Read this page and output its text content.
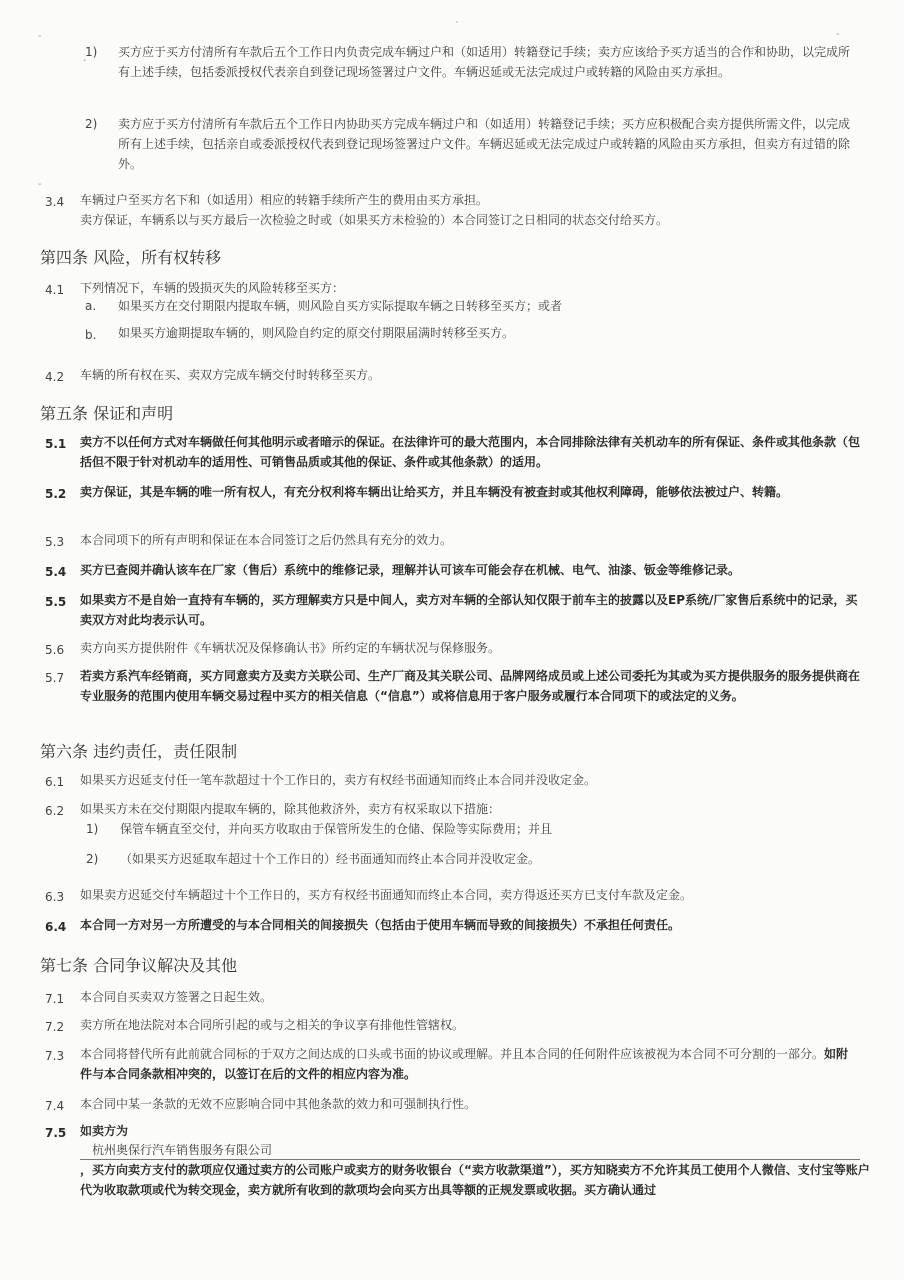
-
¸
`
-
-
1) 买方应于买方付清所有车款后五个工作日内负责完成车辆过户和（如适用）转籍登记手续；卖方应该给予买方适当的合作和协助，以完成所有上述手续，包括委派授权代表亲自到登记现场签署过户文件。车辆迟延或无法完成过户或转籍的风险由买方承担。
2) 卖方应于买方付清所有车款后五个工作日内协助买方完成车辆过户和（如适用）转籍登记手续；买方应积极配合卖方提供所需文件，以完成所有上述手续，包括亲自或委派授权代表到登记现场签署过户文件。车辆迟延或无法完成过户或转籍的风险由买方承担，但卖方有过错的除外。
3.4 车辆过户至买方名下和（如适用）相应的转籍手续所产生的费用由买方承担。
卖方保证，车辆系以与买方最后一次检验之时或（如果买方未检验的）本合同签订之日相同的状态交付给买方。
第四条 风险，所有权转移
4.1 下列情况下，车辆的毁损灭失的风险转移至买方：
a. 如果买方在交付期限内提取车辆，则风险自买方实际提取车辆之日转移至买方；或者
b. 如果买方逾期提取车辆的，则风险自约定的原交付期限届满时转移至买方。
4.2 车辆的所有权在买、卖双方完成车辆交付时转移至买方。
第五条 保证和声明
5.1 卖方不以任何方式对车辆做任何其他明示或者暗示的保证。在法律许可的最大范围内，本合同排除法律有关机动车的所有保证、条件或其他条款（包括但不限于针对机动车的适用性、可销售品质或其他的保证、条件或其他条款）的适用。
5.2 卖方保证，其是车辆的唯一所有权人，有充分权利将车辆出让给买方，并且车辆没有被查封或其他权利障碍，能够依法被过户、转籍。
5.3 本合同项下的所有声明和保证在本合同签订之后仍然具有充分的效力。
5.4 买方已查阅并确认该车在厂家（售后）系统中的维修记录，理解并认可该车可能会存在机械、电气、油漆、钣金等维修记录。
5.5 如果卖方不是自始一直持有车辆的，买方理解卖方只是中间人，卖方对车辆的全部认知仅限于前车主的披露以及EP系统/厂家售后系统中的记录，买卖双方对此均表示认可。
5.6 卖方向买方提供附件《车辆状况及保修确认书》所约定的车辆状况与保修服务。
5.7 若卖方系汽车经销商，买方同意卖方及卖方关联公司、生产厂商及其关联公司、品牌网络成员或上述公司委托为其或为买方提供服务的服务提供商在专业服务的范围内使用车辆交易过程中买方的相关信息（“信息”）或将信息用于客户服务或履行本合同项下的或法定的义务。
第六条 违约责任，责任限制
6.1 如果买方迟延支付任一笔车款超过十个工作日的，卖方有权经书面通知而终止本合同并没收定金。
6.2 如果买方未在交付期限内提取车辆的，除其他救济外，卖方有权采取以下措施：
1) 保管车辆直至交付，并向买方收取由于保管所发生的仓储、保险等实际费用；并且
2) （如果买方迟延取车超过十个工作日的）经书面通知而终止本合同并没收定金。
6.3 如果卖方迟延交付车辆超过十个工作日的，买方有权经书面通知而终止本合同，卖方得返还买方已支付车款及定金。
6.4 本合同一方对另一方所遭受的与本合同相关的间接损失（包括由于使用车辆而导致的间接损失）不承担任何责任。
第七条 合同争议解决及其他
7.1 本合同自买卖双方签署之日起生效。
7.2 卖方所在地法院对本合同所引起的或与之相关的争议享有排他性管辖权。
7.3 本合同将替代所有此前就合同标的于双方之间达成的口头或书面的协议或理解。并且本合同的任何附件应该被视为本合同不可分割的一部分。如附件与本合同条款相冲突的，以签订在后的文件的相应内容为准。
7.4 本合同中某一条款的无效不应影响合同中其他条款的效力和可强制执行性。
7.5 如卖方为
杭州奥保行汽车销售服务有限公司
，买方向卖方支付的款项应仅通过卖方的公司账户或卖方的财务收银台（“卖方收款渠道”），买方知晓卖方不允许其员工使用个人微信、支付宝等账户代为收取款项或代为转交现金，卖方就所有收到的款项均会向买方出具等额的正规发票或收据。买方确认通过
